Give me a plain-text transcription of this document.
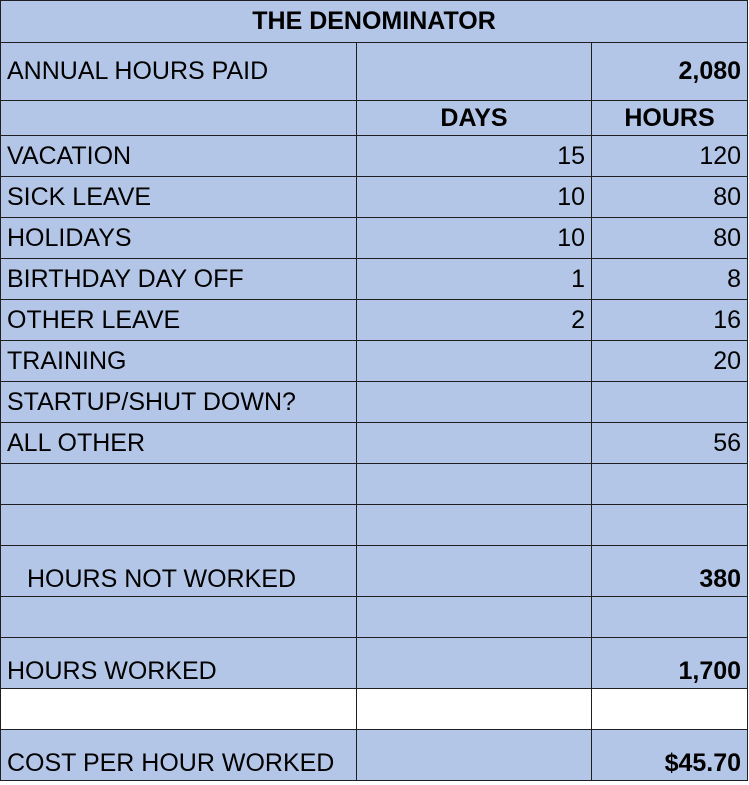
THE DENOMINATOR		
ANNUAL HOURS PAID		2,080
	DAYS	HOURS
VACATION	15	120
SICK LEAVE	10	80
HOLIDAYS	10	80
BIRTHDAY DAY OFF	1	8
OTHER LEAVE	2	16
TRAINING		20
STARTUP/SHUT DOWN?		
ALL OTHER		56

HOURS NOT WORKED		380

HOURS WORKED		1,700

COST PER HOUR WORKED		$45.70
